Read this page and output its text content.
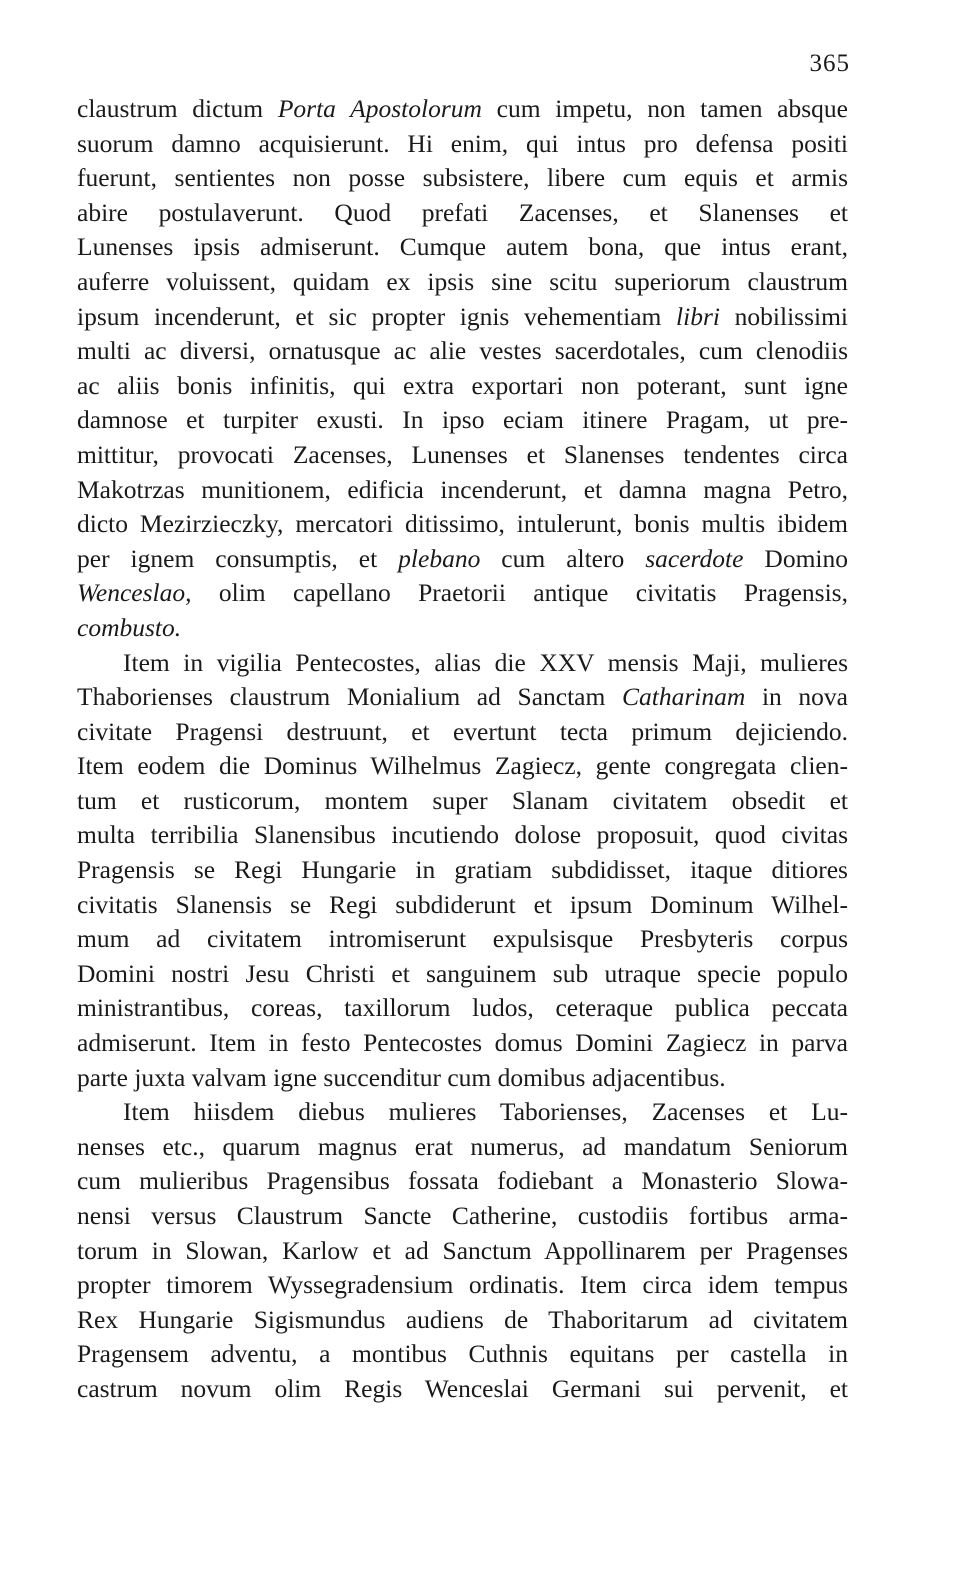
365
claustrum dictum Porta Apostolorum cum impetu, non tamen absque
suorum damno acquisierunt. Hi enim, qui intus pro defensa positi
fuerunt, sentientes non posse subsistere, libere cum equis et armis
abire postulaverunt. Quod prefati Zacenses, et Slanenses et
Lunenses ipsis admiserunt. Cumque autem bona, que intus erant,
auferre voluissent, quidam ex ipsis sine scitu superiorum claustrum
ipsum incenderunt, et sic propter ignis vehementiam libri nobilissimi
multi ac diversi, ornatusque ac alie vestes sacerdotales, cum clenodiis
ac aliis bonis infinitis, qui extra exportari non poterant, sunt igne
damnose et turpiter exusti. In ipso eciam itinere Pragam, ut pre-
mittitur, provocati Zacenses, Lunenses et Slanenses tendentes circa
Makotrzas munitionem, edificia incenderunt, et damna magna Petro,
dicto Mezirzieczky, mercatori ditissimo, intulerunt, bonis multis ibidem
per ignem consumptis, et plebano cum altero sacerdote Domino
Wenceslao, olim capellano Praetorii antique civitatis Pragensis,
combusto.
Item in vigilia Pentecostes, alias die XXV mensis Maji, mulieres
Thaborienses claustrum Monialium ad Sanctam Catharinam in nova
civitate Pragensi destruunt, et evertunt tecta primum dejiciendo.
Item eodem die Dominus Wilhelmus Zagiecz, gente congregata clien-
tum et rusticorum, montem super Slanam civitatem obsedit et
multa terribilia Slanensibus incutiendo dolose proposuit, quod civitas
Pragensis se Regi Hungarie in gratiam subdidisset, itaque ditiores
civitatis Slanensis se Regi subdiderunt et ipsum Dominum Wilhel-
mum ad civitatem intromiserunt expulsisque Presbyteris corpus
Domini nostri Jesu Christi et sanguinem sub utraque specie populo
ministrantibus, coreas, taxillorum ludos, ceteraque publica peccata
admiserunt. Item in festo Pentecostes domus Domini Zagiecz in parva
parte juxta valvam igne succenditur cum domibus adjacentibus.
Item hiisdem diebus mulieres Taborienses, Zacenses et Lu-
nenses etc., quarum magnus erat numerus, ad mandatum Seniorum
cum mulieribus Pragensibus fossata fodiebant a Monasterio Slowa-
nensi versus Claustrum Sancte Catherine, custodiis fortibus arma-
torum in Slowan, Karlow et ad Sanctum Appollinarem per Pragenses
propter timorem Wyssegradensium ordinatis. Item circa idem tempus
Rex Hungarie Sigismundus audiens de Thaboritarum ad civitatem
Pragensem adventu, a montibus Cuthnis equitans per castella in
castrum novum olim Regis Wenceslai Germani sui pervenit, et
